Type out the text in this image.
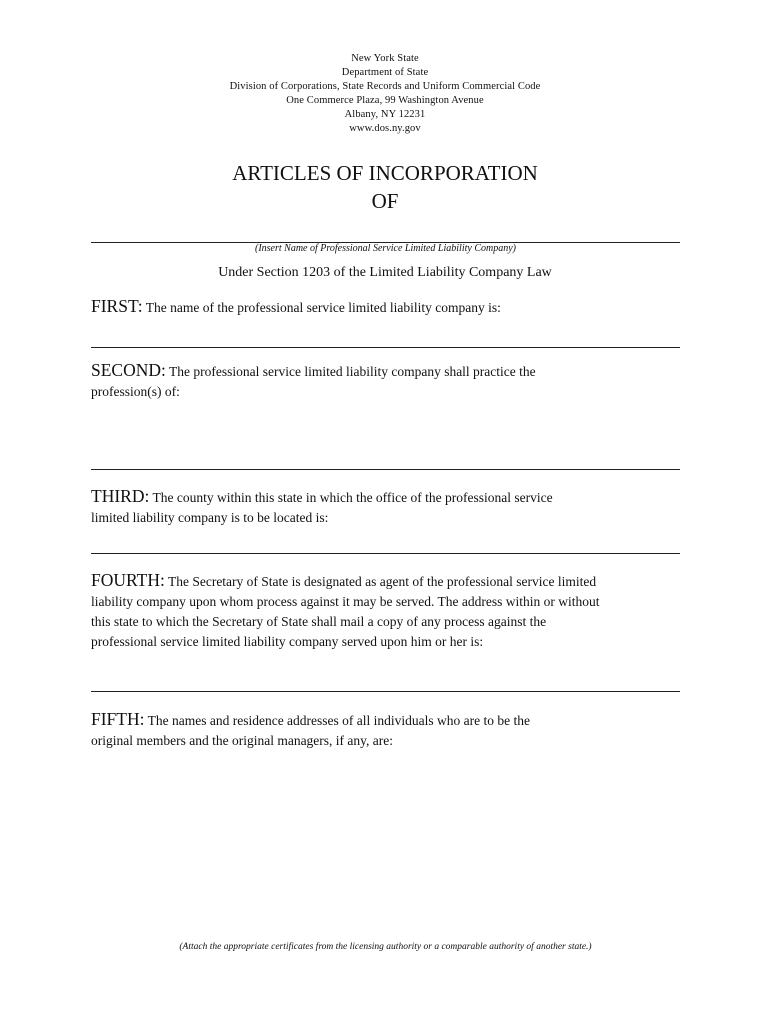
New York State
Department of State
Division of Corporations, State Records and Uniform Commercial Code
One Commerce Plaza, 99 Washington Avenue
Albany, NY 12231
www.dos.ny.gov
ARTICLES OF INCORPORATION
OF
(Insert Name of Professional Service Limited Liability Company)
Under Section 1203 of the Limited Liability Company Law
FIRST: The name of the professional service limited liability company is:
SECOND: The professional service limited liability company shall practice the
profession(s) of:
THIRD: The county within this state in which the office of the professional service
limited liability company is to be located is:
FOURTH: The Secretary of State is designated as agent of the professional service limited
liability company upon whom process against it may be served. The address within or without
this state to which the Secretary of State shall mail a copy of any process against the
professional service limited liability company served upon him or her is:
FIFTH: The names and residence addresses of all individuals who are to be the
original members and the original managers, if any, are:
(Attach the appropriate certificates from the licensing authority or a comparable authority of another state.)
